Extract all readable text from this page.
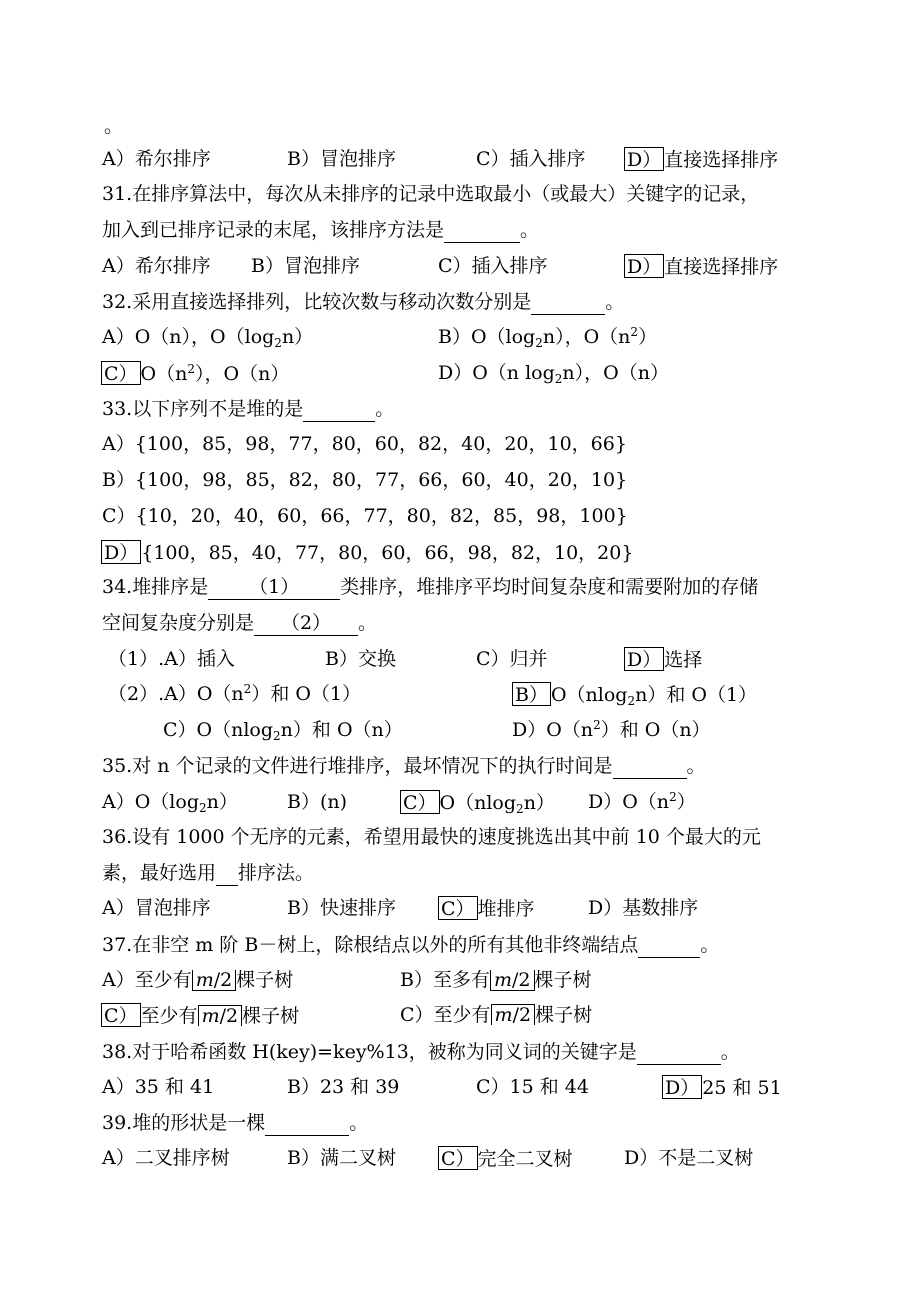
。
A）希尔排序	B）冒泡排序	C）插入排序 D） 直接选择排序
31.在排序算法中，每次从未排序的记录中选取最小（或最大）关键字的记录，
加入到已排序记录的末尾，该排序方法是	。
A）希尔排序 B）冒泡排序	C）插入排序	D） 直接选择排序
32.采用直接选择排列，比较次数与移动次数分别是	。
A）O（n），$O(\log_2n)$	$B)O(\log_2n)$，$O(n^2)$
C） $O(n^2)$，O（n）	D）O（n $\log_2n$），O（n）
33.以下序列不是堆的是	。
A）{100，85，98，77，80，60，82，40，20，10，66}
B）{100，98，85，82，80，77，66，60，40，20，10}
C）{10，20，40，60，66，77，80，82，85，98，100}
D） {100，85，40，77，80，60，66，98，82，10，20}
34.堆排序是 （1） 类排序，堆排序平均时间复杂度和需要附加的存储
空间复杂度分别是 （2） 。
（1）.A）插入	B）交换	C）归并	D） 选择
$(2).A)O(n^2)$和 O（1）	B） O（nlog$_2$n）和 O（1）
C）O（nlog$_2$n）和 O（n）	$D)O(n^2)$和 O（n）
35.对 n 个记录的文件进行堆排序，最坏情况下的执行时间是	。
$A)O(\log_2n)$	B）(n)	C） O（nlog$_2$n） $D)O(n^2)$
36.设有 1000 个无序的元素，希望用最快的速度挑选出其中前 10 个最大的元
素，最好选用 排序法。
A）冒泡排序	B）快速排序 C） 堆排序	D）基数排序
37.在非空 m 阶 B－树上，除根结点以外的所有其他非终端结点	。
A）至少有 m/2 棵子树	B）至多有 m/2 棵子树
C） 至少有 m/2 棵子树	C）至少有 m/2 棵子树
38.对于哈希函数 H(key)=key%13，被称为同义词的关键字是	。
A）35 和 41	B）23 和 39	C）15 和 44	D） 25 和 51
39.堆的形状是一棵	。
A）二叉排序树	B）满二叉树 C） 完全二叉树	D）不是二叉树
